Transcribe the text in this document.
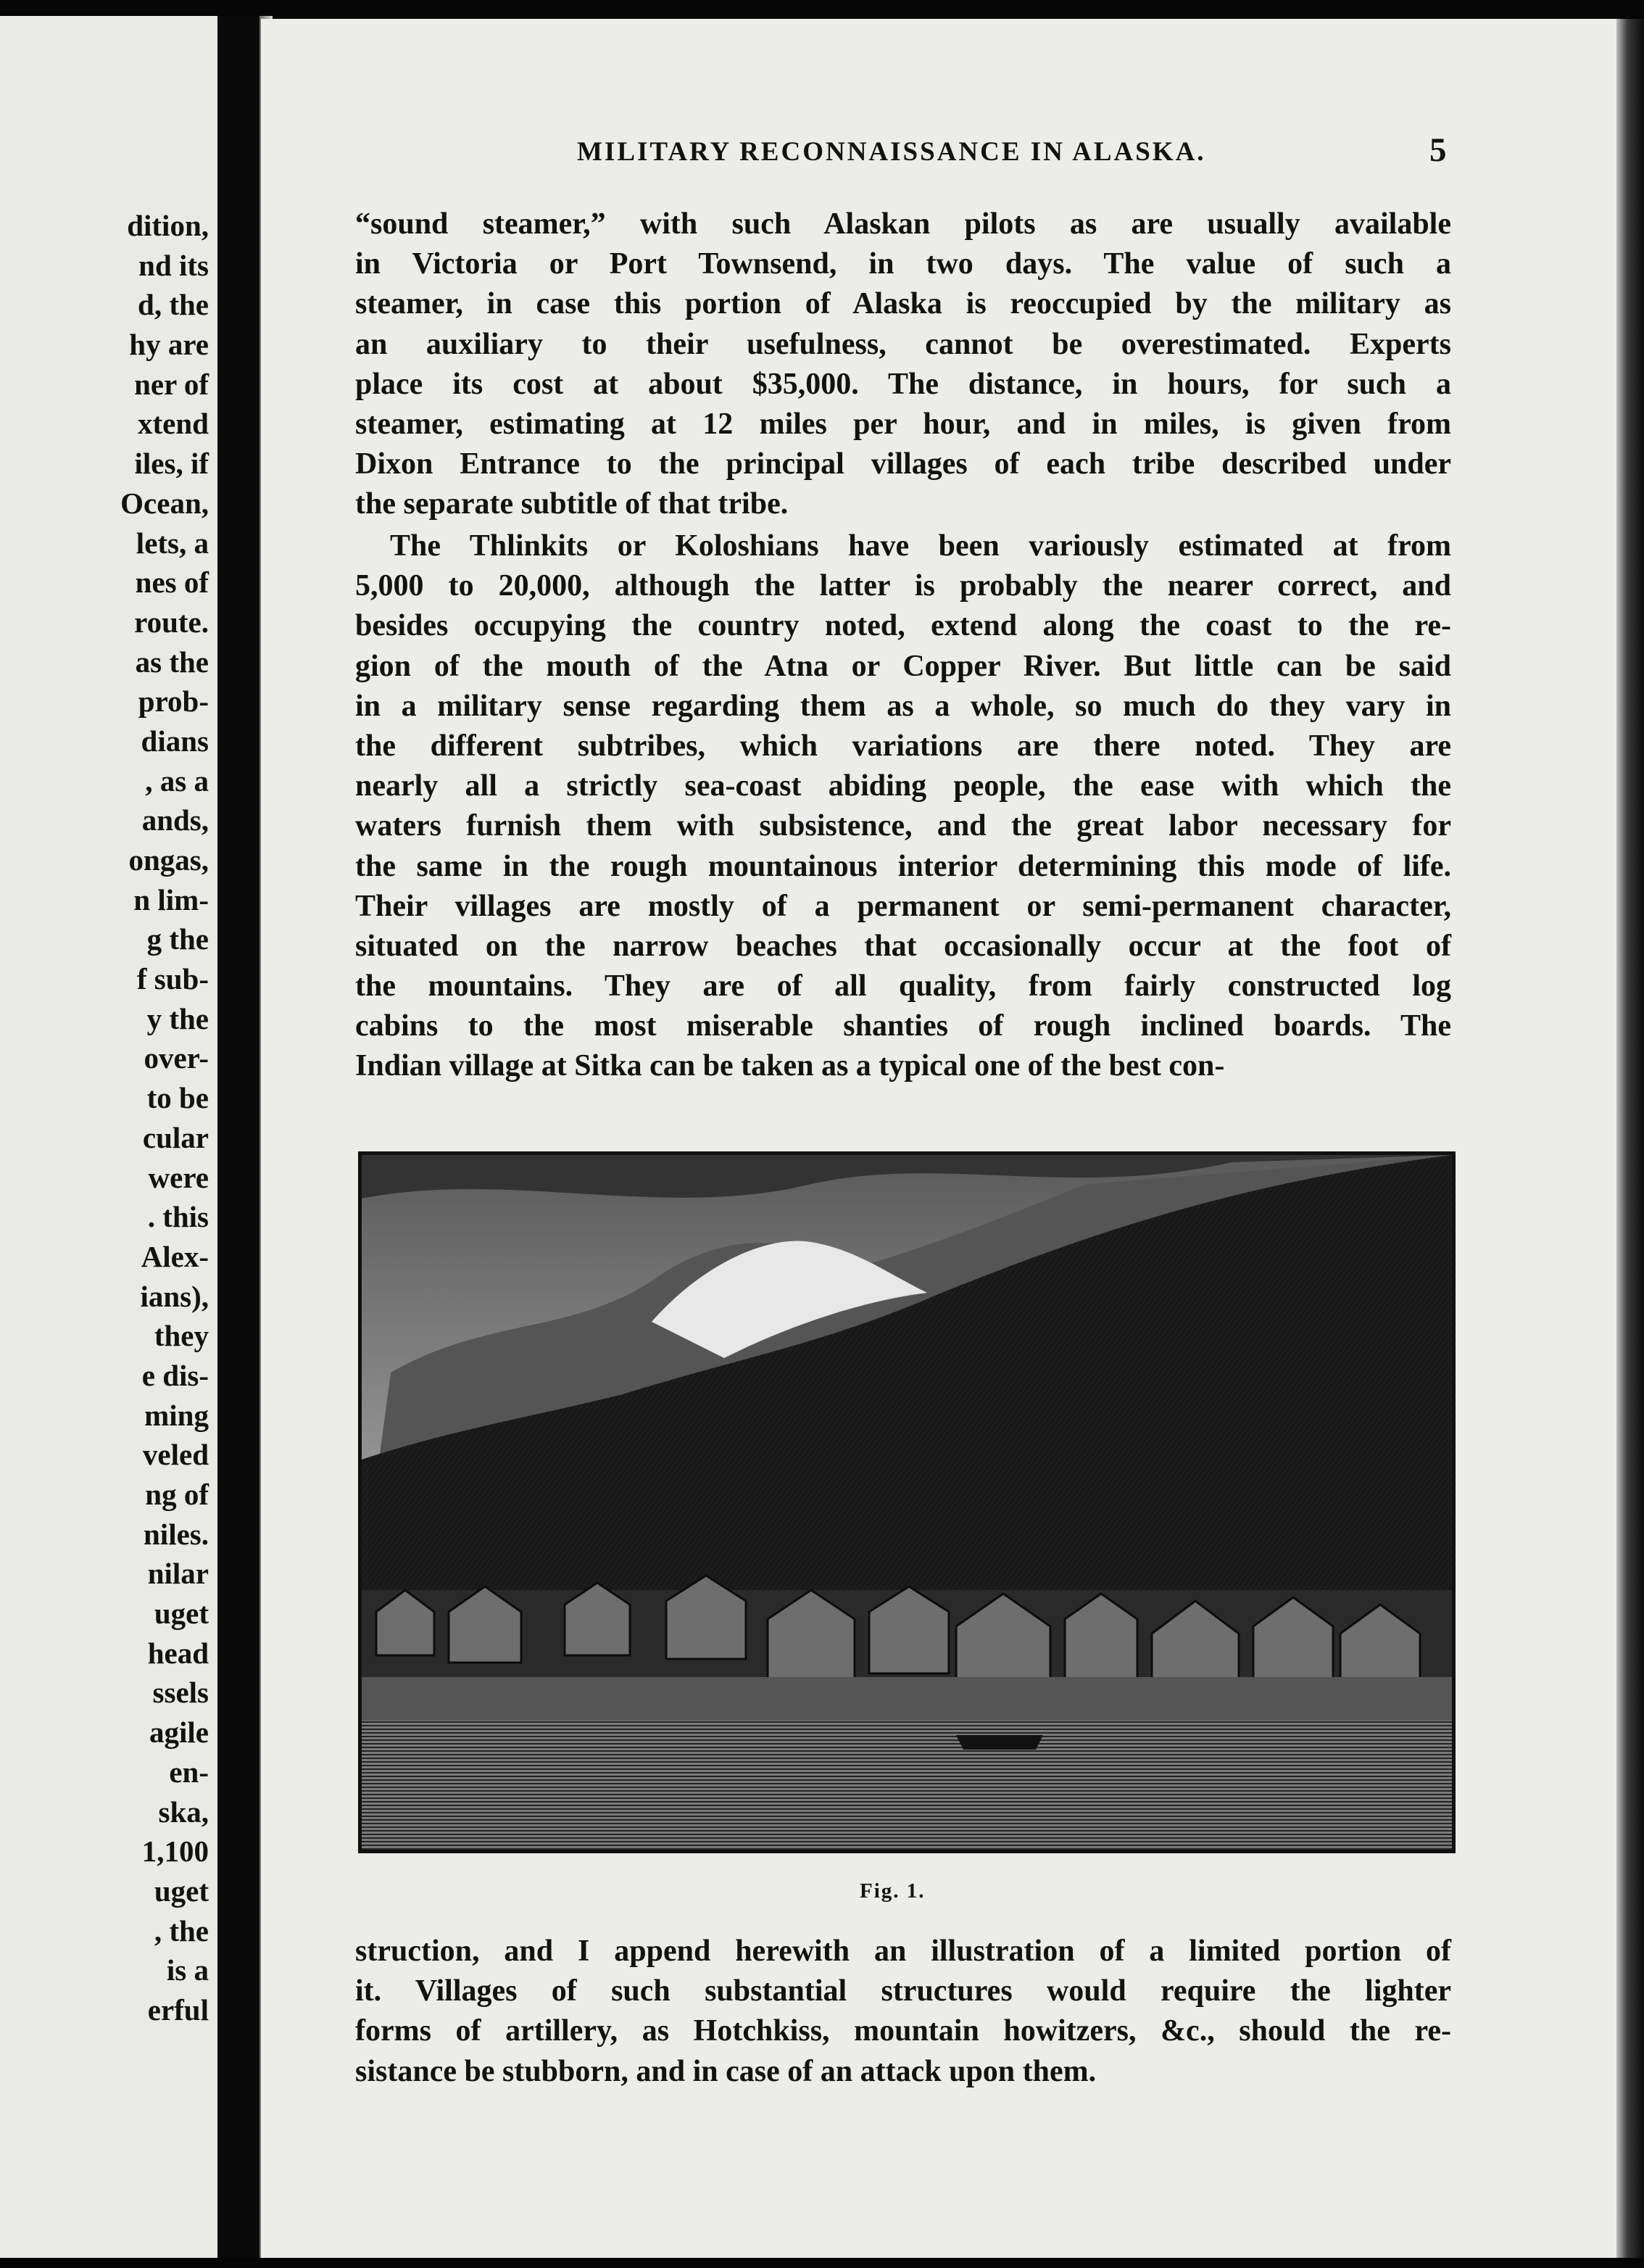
dition,
nd its
d, the
hy are
ner of
xtend
iles, if
Ocean,
lets, a
nes of
route.
as the
prob-
dians
, as a
ands,
ongas,
n lim-
g the
f sub-
y the
over-
to be
cular
were
. this
Alex-
ians),
they
e dis-
ming
veled
ng of
niles.
nilar
uget
head
ssels
agile
en-
ska,
1,100
uget
, the
is a
erful
MILITARY RECONNAISSANCE IN ALASKA.	5
“sound steamer,” with such Alaskan pilots as are usually available
in Victoria or Port Townsend, in two days. The value of such a
steamer, in case this portion of Alaska is reoccupied by the military as
an auxiliary to their usefulness, cannot be overestimated. Experts
place its cost at about $35,000. The distance, in hours, for such a
steamer, estimating at 12 miles per hour, and in miles, is given from
Dixon Entrance to the principal villages of each tribe described under
the separate subtitle of that tribe.
The Thlinkits or Koloshians have been variously estimated at from
5,000 to 20,000, although the latter is probably the nearer correct, and
besides occupying the country noted, extend along the coast to the re-
gion of the mouth of the Atna or Copper River. But little can be said
in a military sense regarding them as a whole, so much do they vary in
the different subtribes, which variations are there noted. They are
nearly all a strictly sea-coast abiding people, the ease with which the
waters furnish them with subsistence, and the great labor necessary for
the same in the rough mountainous interior determining this mode of life.
Their villages are mostly of a permanent or semi-permanent character,
situated on the narrow beaches that occasionally occur at the foot of
the mountains. They are of all quality, from fairly constructed log
cabins to the most miserable shanties of rough inclined boards. The
Indian village at Sitka can be taken as a typical one of the best con-
Fig. 1.
struction, and I append herewith an illustration of a limited portion of
it. Villages of such substantial structures would require the lighter
forms of artillery, as Hotchkiss, mountain howitzers, &c., should the re-
sistance be stubborn, and in case of an attack upon them.
